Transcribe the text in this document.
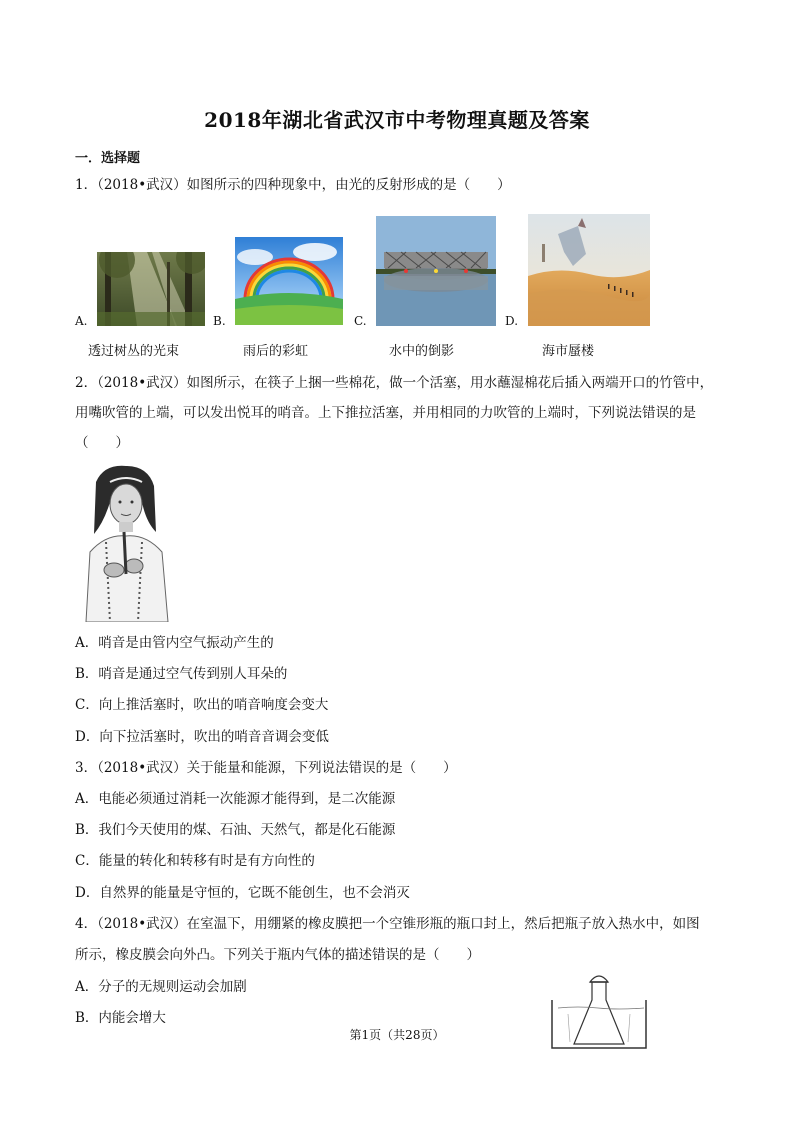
2018年湖北省武汉市中考物理真题及答案
一．选择题
1．（2018•武汉）如图所示的四种现象中，由光的反射形成的是（　　）
A.	B.	C.	D.
透过树丛的光束	雨后的彩虹	水中的倒影	海市蜃楼
2．（2018•武汉）如图所示，在筷子上捆一些棉花，做一个活塞，用水蘸湿棉花后插入两端开口的竹管中，
用嘴吹管的上端，可以发出悦耳的哨音。上下推拉活塞，并用相同的力吹管的上端时，下列说法错误的是
（　　）
A．哨音是由管内空气振动产生的
B．哨音是通过空气传到别人耳朵的
C．向上推活塞时，吹出的哨音响度会变大
D．向下拉活塞时，吹出的哨音音调会变低
3．（2018•武汉）关于能量和能源，下列说法错误的是（　　）
A．电能必须通过消耗一次能源才能得到，是二次能源
B．我们今天使用的煤、石油、天然气，都是化石能源
C．能量的转化和转移有时是有方向性的
D．自然界的能量是守恒的，它既不能创生，也不会消灭
4．（2018•武汉）在室温下，用绷紧的橡皮膜把一个空锥形瓶的瓶口封上，然后把瓶子放入热水中，如图
所示，橡皮膜会向外凸。下列关于瓶内气体的描述错误的是（　　）
A．分子的无规则运动会加剧
B．内能会增大
第1页（共28页）
